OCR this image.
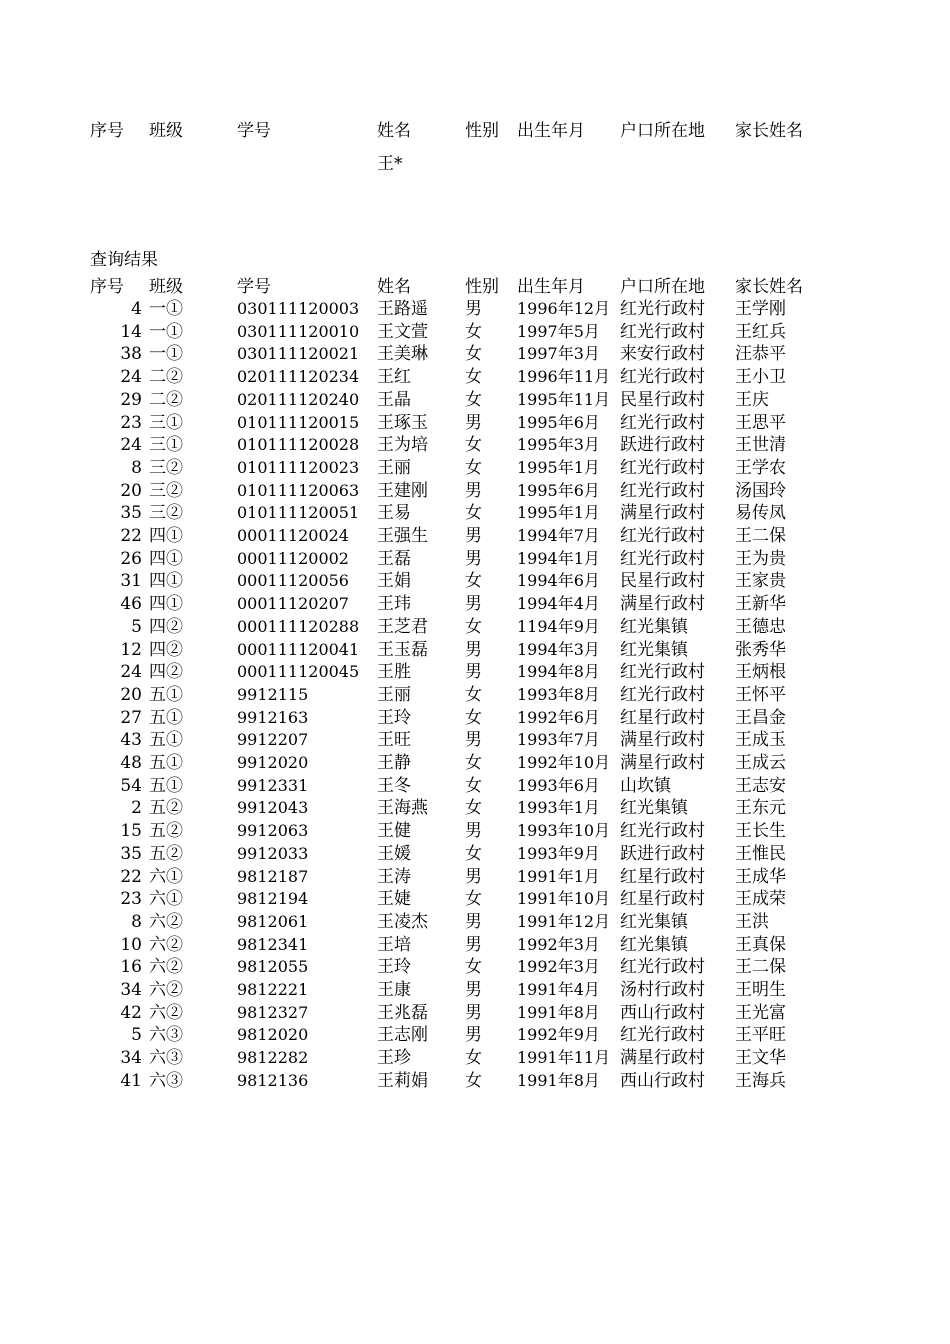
序号 班级	学号	姓名	性别 出生年月 户口所在地 家长姓名
王*
查询结果
序号 班级	学号	姓名	性别 出生年月 户口所在地 家长姓名
4 一①	030111120003 王路遥 男 1996年12月 红光行政村 王学刚
14 一①	030111120010 王文萱 女 1997年5月 红光行政村 王红兵
38 一①	030111120021 王美琳 女 1997年3月 来安行政村 汪恭平
24 二②	020111120234 王红	女 1996年11月 红光行政村 王小卫
29 二②	020111120240 王晶	女 1995年11月 民星行政村 王庆
23 三①	010111120015 王琢玉 男 1995年6月 红光行政村 王思平
24 三①	010111120028 王为培 女 1995年3月 跃进行政村 王世清
8 三②	010111120023 王丽	女 1995年1月 红光行政村 王学农
20 三②	010111120063 王建刚 男 1995年6月 红光行政村 汤国玲
35 三②	010111120051 王易	女 1995年1月 满星行政村 易传凤
22 四①	00011120024 王强生 男 1994年7月 红光行政村 王二保
26 四①	00011120002 王磊	男 1994年1月 红光行政村 王为贵
31 四①	00011120056 王娟	女 1994年6月 民星行政村 王家贵
46 四①	00011120207 王玮	男 1994年4月 满星行政村 王新华
5 四②	000111120288 王芝君 女 1194年9月 红光集镇	王德忠
12 四②	000111120041 王玉磊 男 1994年3月 红光集镇	张秀华
24 四②	000111120045 王胜	男 1994年8月 红光行政村 王炳根
20 五①	9912115	王丽	女 1993年8月 红光行政村 王怀平
27 五①	9912163	王玲	女 1992年6月 红星行政村 王昌金
43 五①	9912207	王旺	男 1993年7月 满星行政村 王成玉
48 五①	9912020	王静	女 1992年10月 满星行政村 王成云
54 五①	9912331	王冬	女 1993年6月 山坎镇	王志安
2 五②	9912043	王海燕 女 1993年1月 红光集镇	王东元
15 五②	9912063	王健	男 1993年10月 红光行政村 王长生
35 五②	9912033	王媛	女 1993年9月 跃进行政村 王惟民
22 六①	9812187	王涛	男 1991年1月 红星行政村 王成华
23 六①	9812194	王婕	女 1991年10月 红星行政村 王成荣
8 六②	9812061	王凌杰 男 1991年12月 红光集镇	王洪
10 六②	9812341	王培	男 1992年3月 红光集镇	王真保
16 六②	9812055	王玲	女 1992年3月 红光行政村 王二保
34 六②	9812221	王康	男 1991年4月 汤村行政村 王明生
42 六②	9812327	王兆磊 男 1991年8月 西山行政村 王光富
5 六③	9812020	王志刚 男 1992年9月 红光行政村 王平旺
34 六③	9812282	王珍	女 1991年11月 满星行政村 王文华
41 六③	9812136	王莉娟 女 1991年8月 西山行政村 王海兵
